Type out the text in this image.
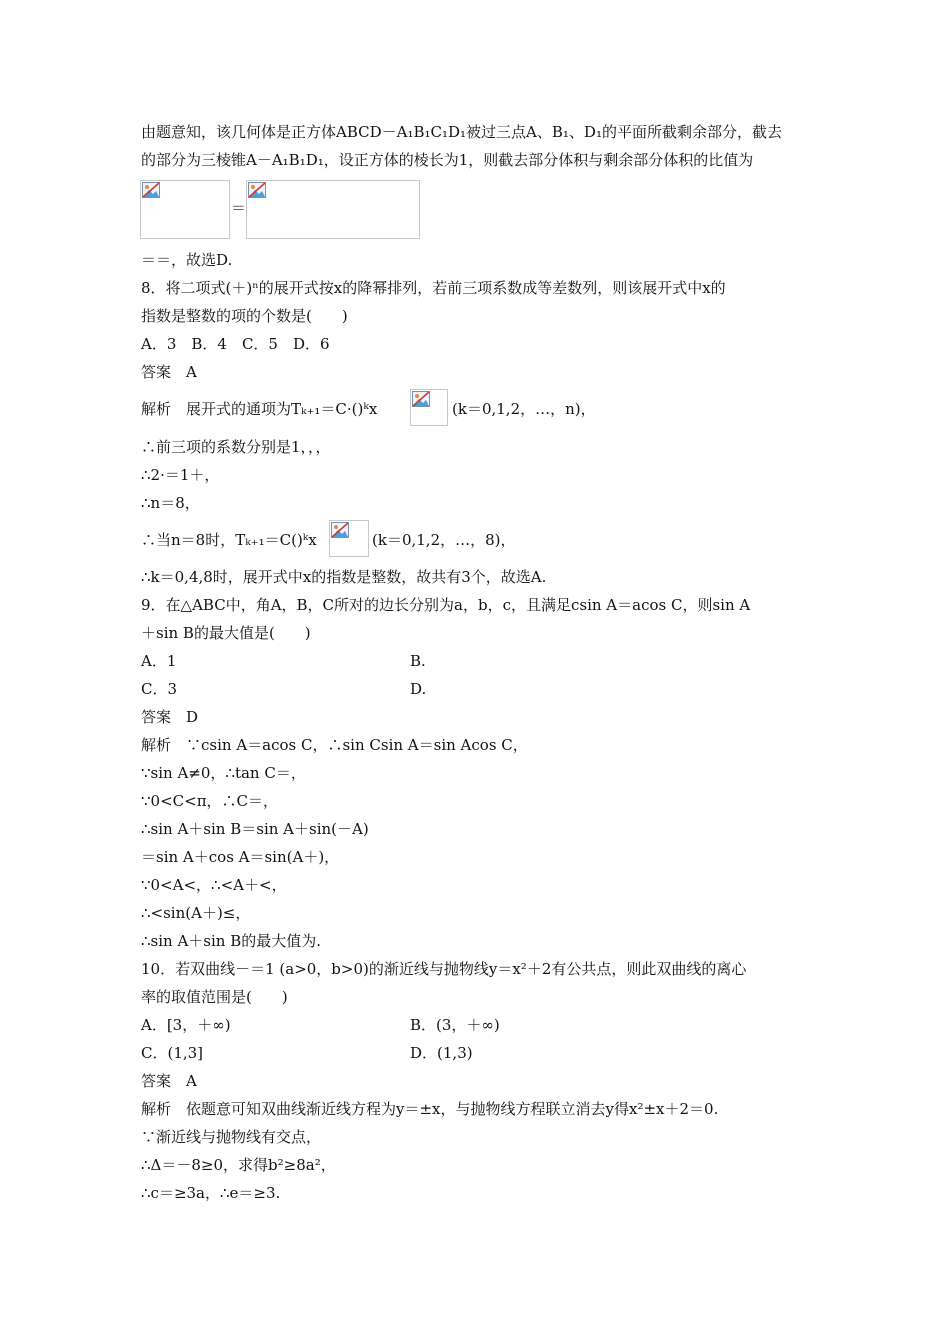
由题意知，该几何体是正方体ABCD－A₁B₁C₁D₁被过三点A、B₁、D₁的平面所截剩余部分，截去
的部分为三棱锥A－A₁B₁D₁，设正方体的棱长为1，则截去部分体积与剩余部分体积的比值为
＝
＝＝，故选D.
8．将二项式(＋)ⁿ的展开式按x的降幂排列，若前三项系数成等差数列，则该展开式中x的
指数是整数的项的个数是(　　)
A．3　B．4　C．5　D．6
答案　A
解析　展开式的通项为Tₖ₊₁＝C·()ᵏx	(k＝0,1,2，…，n)，
∴前三项的系数分别是1，，，
∴2·＝1＋，
∴n＝8，
∴当n＝8时，Tₖ₊₁＝C()ᵏx	(k＝0,1,2，…，8)，
∴k＝0,4,8时，展开式中x的指数是整数，故共有3个，故选A.
9．在△ABC中，角A，B，C所对的边长分别为a，b，c，且满足csin A＝acos C，则sin A
＋sin B的最大值是(　　)
A．1	B.
C．3	D.
答案　D
解析　∵csin A＝acos C，∴sin Csin A＝sin Acos C，
∵sin A≠0，∴tan C＝，
∵0<C<π，∴C＝，
∴sin A＋sin B＝sin A＋sin(－A)
＝sin A＋cos A＝sin(A＋)，
∵0<A<，∴<A＋<，
∴<sin(A＋)≤，
∴sin A＋sin B的最大值为.
10．若双曲线－＝1 (a>0，b>0)的渐近线与抛物线y＝x²＋2有公共点，则此双曲线的离心
率的取值范围是(　　)
A．[3，＋∞)	B．(3，＋∞)
C．(1,3]	D．(1,3)
答案　A
解析　依题意可知双曲线渐近线方程为y＝±x，与抛物线方程联立消去y得x²±x＋2＝0.
∵渐近线与抛物线有交点，
∴Δ＝－8≥0，求得b²≥8a²，
∴c＝≥3a，∴e＝≥3.
